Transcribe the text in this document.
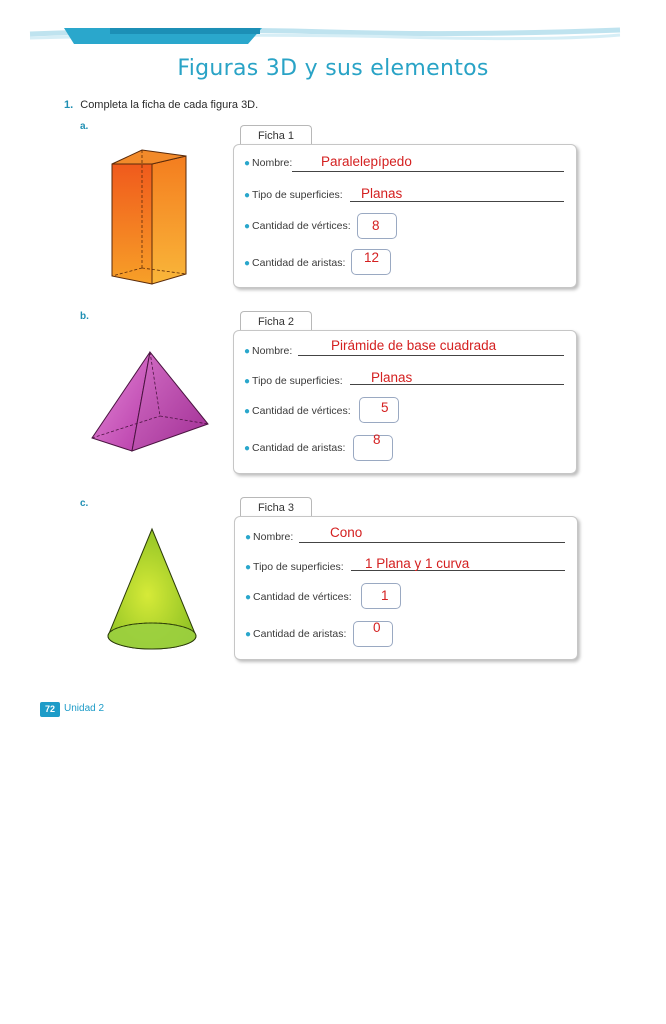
Figuras 3D y sus elementos
1. Completa la ficha de cada figura 3D.
a.
Ficha 1
● Nombre: Paralelepípedo
● Tipo de superficies: Planas
● Cantidad de vértices: 8
● Cantidad de aristas: 12
b.	Ficha 2
● Nombre:	Pirámide de base cuadrada
● Tipo de superficies: Planas
● Cantidad de vértices: 5
● Cantidad de aristas:
8
c.	Ficha 3
● Nombre:	Cono
● Tipo de superficies: 1 Plana y 1 curva
● Cantidad de vértices: 1
● Cantidad de aristas: 0
72 Unidad 2
